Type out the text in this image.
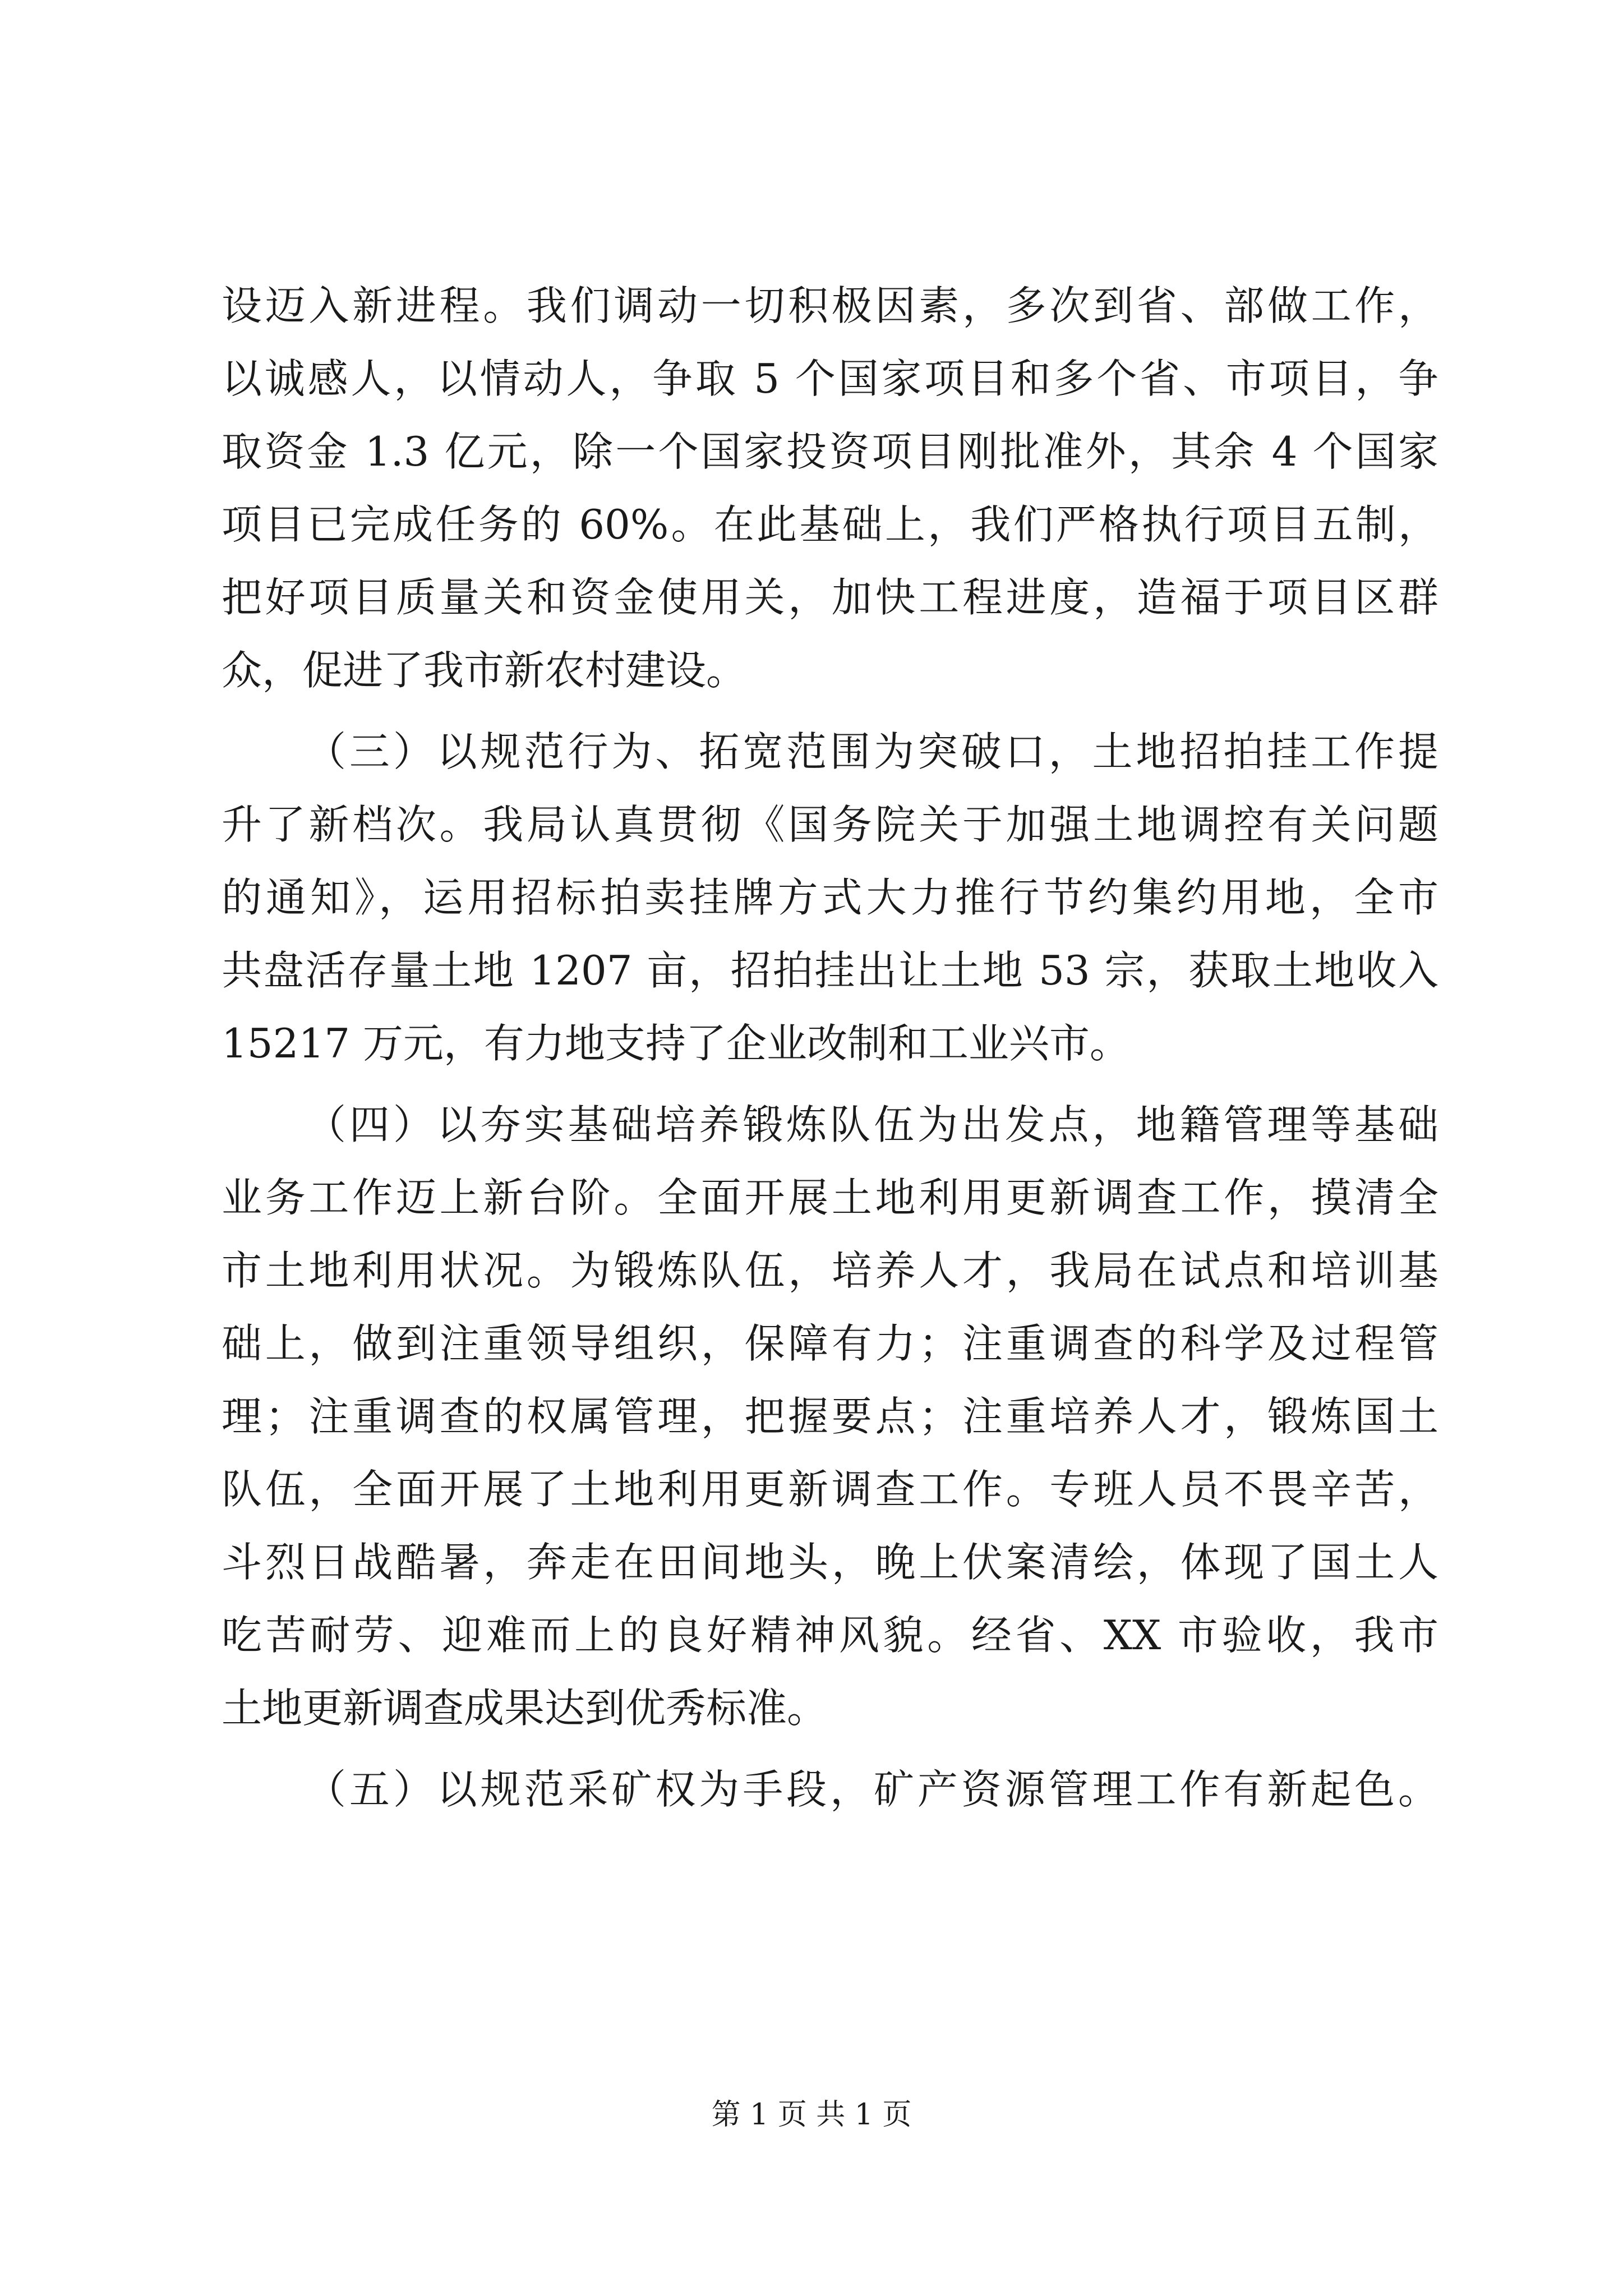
设迈入新进程。我们调动一切积极因素，多次到省、部做工作，
以诚感人，以情动人，争取 5 个国家项目和多个省、市项目，争
取资金 1.3 亿元，除一个国家投资项目刚批准外，其余 4 个国家
项目已完成任务的 60%。在此基础上，我们严格执行项目五制，
把好项目质量关和资金使用关，加快工程进度，造福于项目区群
众，促进了我市新农村建设。
（三）以规范行为、拓宽范围为突破口，土地招拍挂工作提
升了新档次。我局认真贯彻《国务院关于加强土地调控有关问题
的通知》，运用招标拍卖挂牌方式大力推行节约集约用地，全市
共盘活存量土地 1207 亩，招拍挂出让土地 53 宗，获取土地收入
15217 万元，有力地支持了企业改制和工业兴市。
（四）以夯实基础培养锻炼队伍为出发点，地籍管理等基础
业务工作迈上新台阶。全面开展土地利用更新调查工作，摸清全
市土地利用状况。为锻炼队伍，培养人才，我局在试点和培训基
础上，做到注重领导组织，保障有力；注重调查的科学及过程管
理；注重调查的权属管理，把握要点；注重培养人才，锻炼国土
队伍，全面开展了土地利用更新调查工作。专班人员不畏辛苦，
斗烈日战酷暑，奔走在田间地头，晚上伏案清绘，体现了国土人
吃苦耐劳、迎难而上的良好精神风貌。经省、XX 市验收，我市
土地更新调查成果达到优秀标准。
（五）以规范采矿权为手段，矿产资源管理工作有新起色。
第 1 页 共 1 页
